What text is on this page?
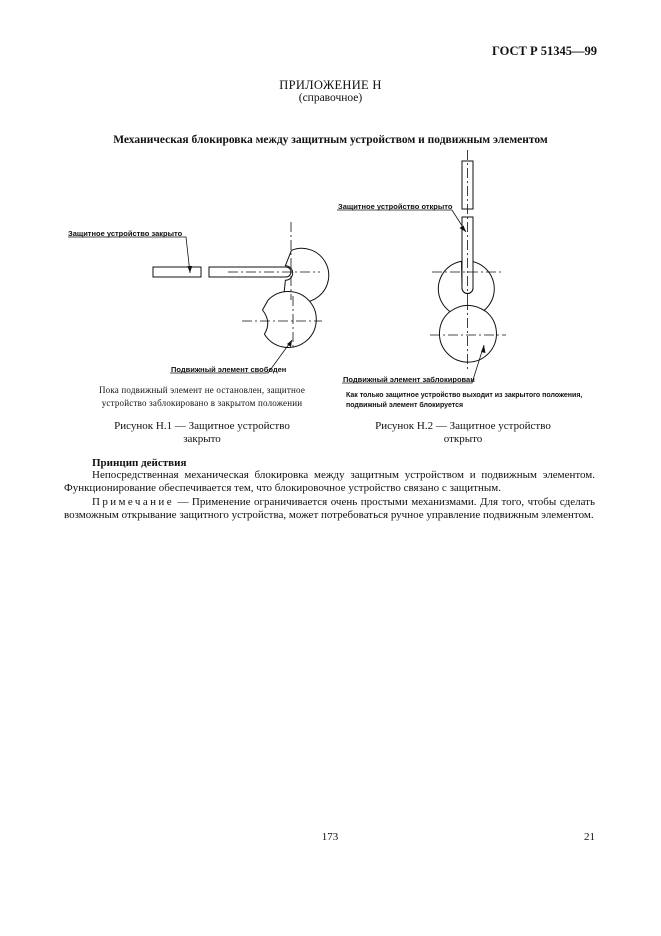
ГОСТ Р 51345—99
ПРИЛОЖЕНИЕ Н
(справочное)
Механическая блокировка между защитным устройством и подвижным элементом
Защитное устройство закрыто
Подвижный элемент свободен
Защитное устройство открыто
Подвижный элемент заблокирован
Пока подвижный элемент не остановлен, защитное
устройство заблокировано в закрытом положении
Как только защитное устройство выходит из закрытого положения,
подвижный элемент блокируется
Рисунок Н.1 — Защитное устройство
закрыто
Рисунок Н.2 — Защитное устройство
открыто
Принцип действия
Непосредственная механическая блокировка между защитным устройством и подвижным элементом. Функционирование обеспечивается тем, что блокировочное устройство связано с защитным.
Примечание — Применение ограничивается очень простыми механизмами. Для того, чтобы сделать возможным открывание защитного устройства, может потребоваться ручное управление подвижным элементом.
173	21
